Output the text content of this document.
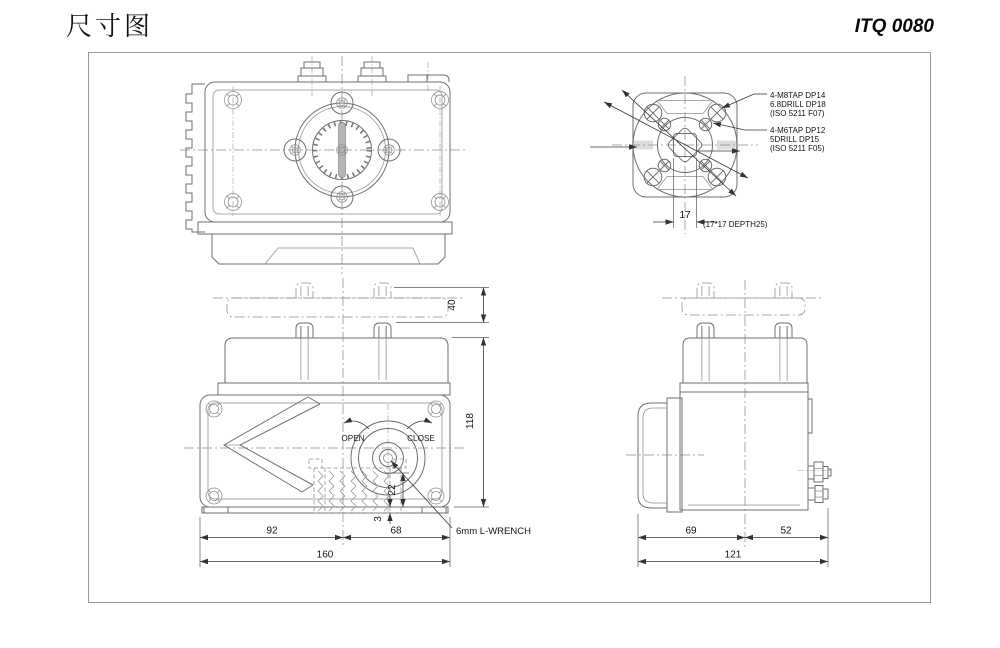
尺寸图	ITQ 0080
17
(17*17 DEPTH25)
4-M8TAP DP14
6.8DRILL DP18
(ISO 5211 F07)
4-M6TAP DP12
5DRILL DP15
(ISO 5211 F05)
OPEN	CLOSE
40
118
22
3
92	68
160
6mm L-WRENCH	69	52
121
